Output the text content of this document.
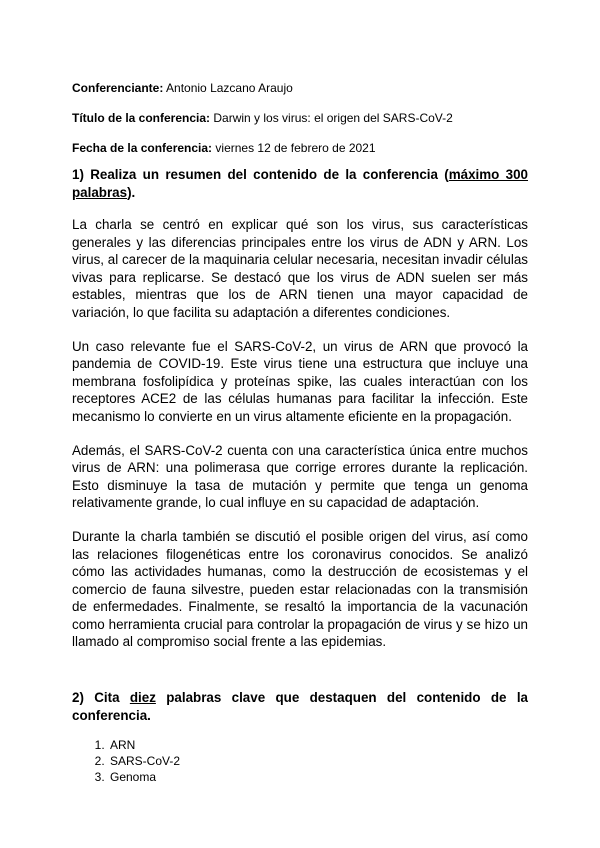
Conferenciante: Antonio Lazcano Araujo

Título de la conferencia: Darwin y los virus: el origen del SARS-CoV-2

Fecha de la conferencia: viernes 12 de febrero de 2021

1) Realiza un resumen del contenido de la conferencia (máximo 300 palabras).

La charla se centró en explicar qué son los virus, sus características generales y las diferencias principales entre los virus de ADN y ARN. Los virus, al carecer de la maquinaria celular necesaria, necesitan invadir células vivas para replicarse. Se destacó que los virus de ADN suelen ser más estables, mientras que los de ARN tienen una mayor capacidad de variación, lo que facilita su adaptación a diferentes condiciones.

Un caso relevante fue el SARS-CoV-2, un virus de ARN que provocó la pandemia de COVID-19. Este virus tiene una estructura que incluye una membrana fosfolipídica y proteínas spike, las cuales interactúan con los receptores ACE2 de las células humanas para facilitar la infección. Este mecanismo lo convierte en un virus altamente eficiente en la propagación.

Además, el SARS-CoV-2 cuenta con una característica única entre muchos virus de ARN: una polimerasa que corrige errores durante la replicación. Esto disminuye la tasa de mutación y permite que tenga un genoma relativamente grande, lo cual influye en su capacidad de adaptación.

Durante la charla también se discutió el posible origen del virus, así como las relaciones filogenéticas entre los coronavirus conocidos. Se analizó cómo las actividades humanas, como la destrucción de ecosistemas y el comercio de fauna silvestre, pueden estar relacionadas con la transmisión de enfermedades. Finalmente, se resaltó la importancia de la vacunación como herramienta crucial para controlar la propagación de virus y se hizo un llamado al compromiso social frente a las epidemias.

2) Cita diez palabras clave que destaquen del contenido de la conferencia.

1. ARN
2. SARS-CoV-2
3. Genoma
